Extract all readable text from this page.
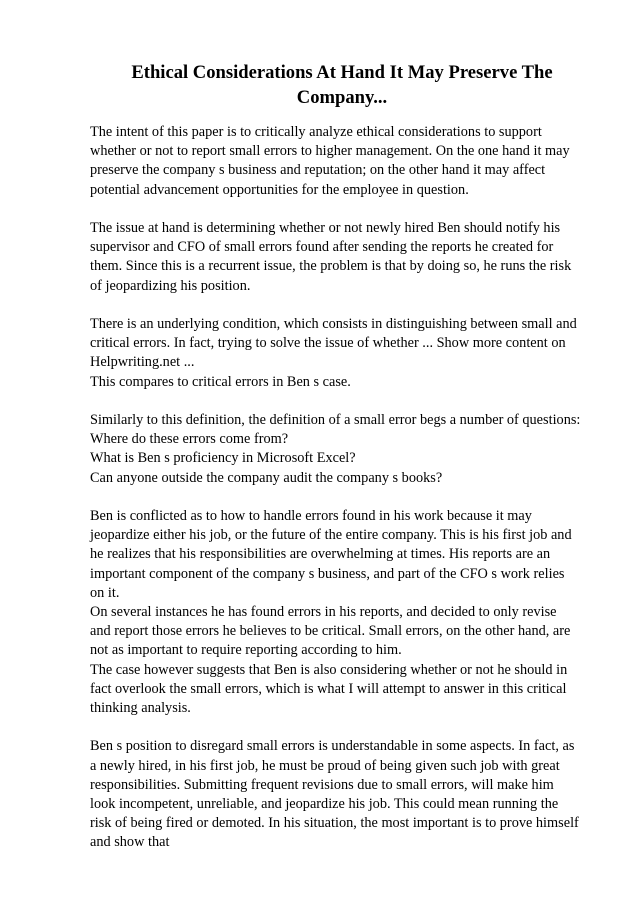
Ethical Considerations At Hand It May Preserve The
Company...

The intent of this paper is to critically analyze ethical considerations to support
whether or not to report small errors to higher management. On the one hand it may
preserve the company s business and reputation; on the other hand it may affect
potential advancement opportunities for the employee in question.

The issue at hand is determining whether or not newly hired Ben should notify his
supervisor and CFO of small errors found after sending the reports he created for
them. Since this is a recurrent issue, the problem is that by doing so, he runs the risk
of jeopardizing his position.

There is an underlying condition, which consists in distinguishing between small and
critical errors. In fact, trying to solve the issue of whether ... Show more content on
Helpwriting.net ...
This compares to critical errors in Ben s case.

Similarly to this definition, the definition of a small error begs a number of questions:
Where do these errors come from?
What is Ben s proficiency in Microsoft Excel?
Can anyone outside the company audit the company s books?

Ben is conflicted as to how to handle errors found in his work because it may
jeopardize either his job, or the future of the entire company. This is his first job and
he realizes that his responsibilities are overwhelming at times. His reports are an
important component of the company s business, and part of the CFO s work relies
on it.
On several instances he has found errors in his reports, and decided to only revise
and report those errors he believes to be critical. Small errors, on the other hand, are
not as important to require reporting according to him.
The case however suggests that Ben is also considering whether or not he should in
fact overlook the small errors, which is what I will attempt to answer in this critical
thinking analysis.

Ben s position to disregard small errors is understandable in some aspects. In fact, as
a newly hired, in his first job, he must be proud of being given such job with great
responsibilities. Submitting frequent revisions due to small errors, will make him
look incompetent, unreliable, and jeopardize his job. This could mean running the
risk of being fired or demoted. In his situation, the most important is to prove himself
and show that
